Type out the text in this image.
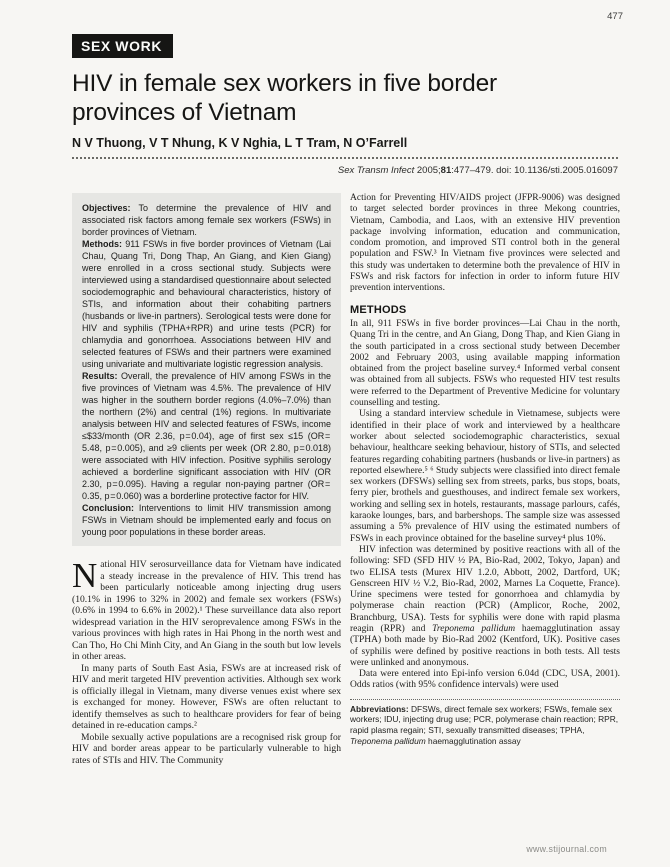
477
SEX WORK
HIV in female sex workers in five border provinces of Vietnam
N V Thuong, V T Nhung, K V Nghia, L T Tram, N O’Farrell
Sex Transm Infect 2005;81:477–479. doi: 10.1136/sti.2005.016097

Objectives: To determine the prevalence of HIV and associated risk factors among female sex workers (FSWs) in border provinces of Vietnam.

Methods: 911 FSWs in five border provinces of Vietnam (Lai Chau, Quang Tri, Dong Thap, An Giang, and Kien Giang) were enrolled in a cross sectional study. Subjects were interviewed using a standardised questionnaire about selected sociodemographic and behavioural characteristics, history of STIs, and information about their cohabiting partners (husbands or live-in partners). Serological tests were done for HIV and syphilis (TPHA+RPR) and urine tests (PCR) for chlamydia and gonorrhoea. Associations between HIV and selected features of FSWs and their partners were examined using univariate and multivariate logistic regression analysis.

Results: Overall, the prevalence of HIV among FSWs in the five provinces of Vietnam was 4.5%. The prevalence of HIV was higher in the southern border regions (4.0%–7.0%) than the northern (2%) and central (1%) regions. In multivariate analysis between HIV and selected features of FSWs, income ≤$33/month (OR 2.36, p = 0.04), age of first sex ≤15 (OR = 5.48, p = 0.005), and ≥9 clients per week (OR 2.80, p = 0.018) were associated with HIV infection. Positive syphilis serology achieved a borderline significant association with HIV (OR 2.30, p = 0.095). Having a regular non-paying partner (OR = 0.35, p = 0.060) was a borderline protective factor for HIV.

Conclusion: Interventions to limit HIV transmission among FSWs in Vietnam should be implemented early and focus on young poor populations in these border areas.

National HIV serosurveillance data for Vietnam have indicated a steady increase in the prevalence of HIV. This trend has been particularly noticeable among injecting drug users (10.1% in 1996 to 32% in 2002) and female sex workers (FSWs) (0.6% in 1994 to 6.6% in 2002).¹ These surveillance data also report widespread variation in the HIV seroprevalence among FSWs in the various provinces with high rates in Hai Phong in the north west and Can Tho, Ho Chi Minh City, and An Giang in the south but low levels in other areas.

In many parts of South East Asia, FSWs are at increased risk of HIV and merit targeted HIV prevention activities. Although sex work is officially illegal in Vietnam, many diverse venues exist where sex is exchanged for money. However, FSWs are often reluctant to identify themselves as such to healthcare providers for fear of being detained in re-education camps.²

Mobile sexually active populations are a recognised risk group for HIV and border areas appear to be particularly vulnerable to high rates of STIs and HIV. The Community

Action for Preventing HIV/AIDS project (JFPR-9006) was designed to target selected border provinces in three Mekong countries, Vietnam, Cambodia, and Laos, with an extensive HIV prevention package involving information, education and communication, condom promotion, and improved STI control both in the general population and FSW.³ In Vietnam five provinces were selected and this study was undertaken to determine both the prevalence of HIV in FSWs and risk factors for infection in order to inform future HIV prevention interventions.

METHODS

In all, 911 FSWs in five border provinces—Lai Chau in the north, Quang Tri in the centre, and An Giang, Dong Thap, and Kien Giang in the south participated in a cross sectional study between December 2002 and February 2003, using available mapping information obtained from the project baseline survey.⁴ Informed verbal consent was obtained from all subjects. FSWs who requested HIV test results were referred to the Department of Preventive Medicine for voluntary counselling and testing.

Using a standard interview schedule in Vietnamese, subjects were identified in their place of work and interviewed by a healthcare worker about selected sociodemographic characteristics, sexual behaviour, healthcare seeking behaviour, history of STIs, and selected features regarding cohabiting partners (husbands or live-in partners) as reported elsewhere.⁵ ⁶ Study subjects were classified into direct female sex workers (DFSWs) selling sex from streets, parks, bus stops, boats, ferry pier, brothels and guesthouses, and indirect female sex workers, working and selling sex in hotels, restaurants, massage parlours, cafés, karaoke lounges, bars, and barbershops. The sample size was assessed assuming a 5% prevalence of HIV using the estimated numbers of FSWs in each province obtained for the baseline survey⁴ plus 10%.

HIV infection was determined by positive reactions with all of the following: SFD (SFD HIV ½ PA, Bio-Rad, 2002, Tokyo, Japan) and two ELISA tests (Murex HIV 1.2.0, Abbott, 2002, Dartford, UK; Genscreen HIV ½ V.2, Bio-Rad, 2002, Marnes La Coquette, France). Urine specimens were tested for gonorrhoea and chlamydia by polymerase chain reaction (PCR) (Amplicor, Roche, 2002, Branchburg, USA). Tests for syphilis were done with rapid plasma reagin (RPR) and Treponema pallidum haemagglutination assay (TPHA) both made by Bio-Rad 2002 (Kentford, UK). Positive cases of syphilis were defined by positive reactions in both tests. All tests were unlinked and anonymous.

Data were entered into Epi-info version 6.04d (CDC, USA, 2001). Odds ratios (with 95% confidence intervals) were used

Abbreviations: DFSWs, direct female sex workers; FSWs, female sex workers; IDU, injecting drug use; PCR, polymerase chain reaction; RPR, rapid plasma regain; STI, sexually transmitted diseases; TPHA, Treponema pallidum haemagglutination assay
www.stijournal.com
